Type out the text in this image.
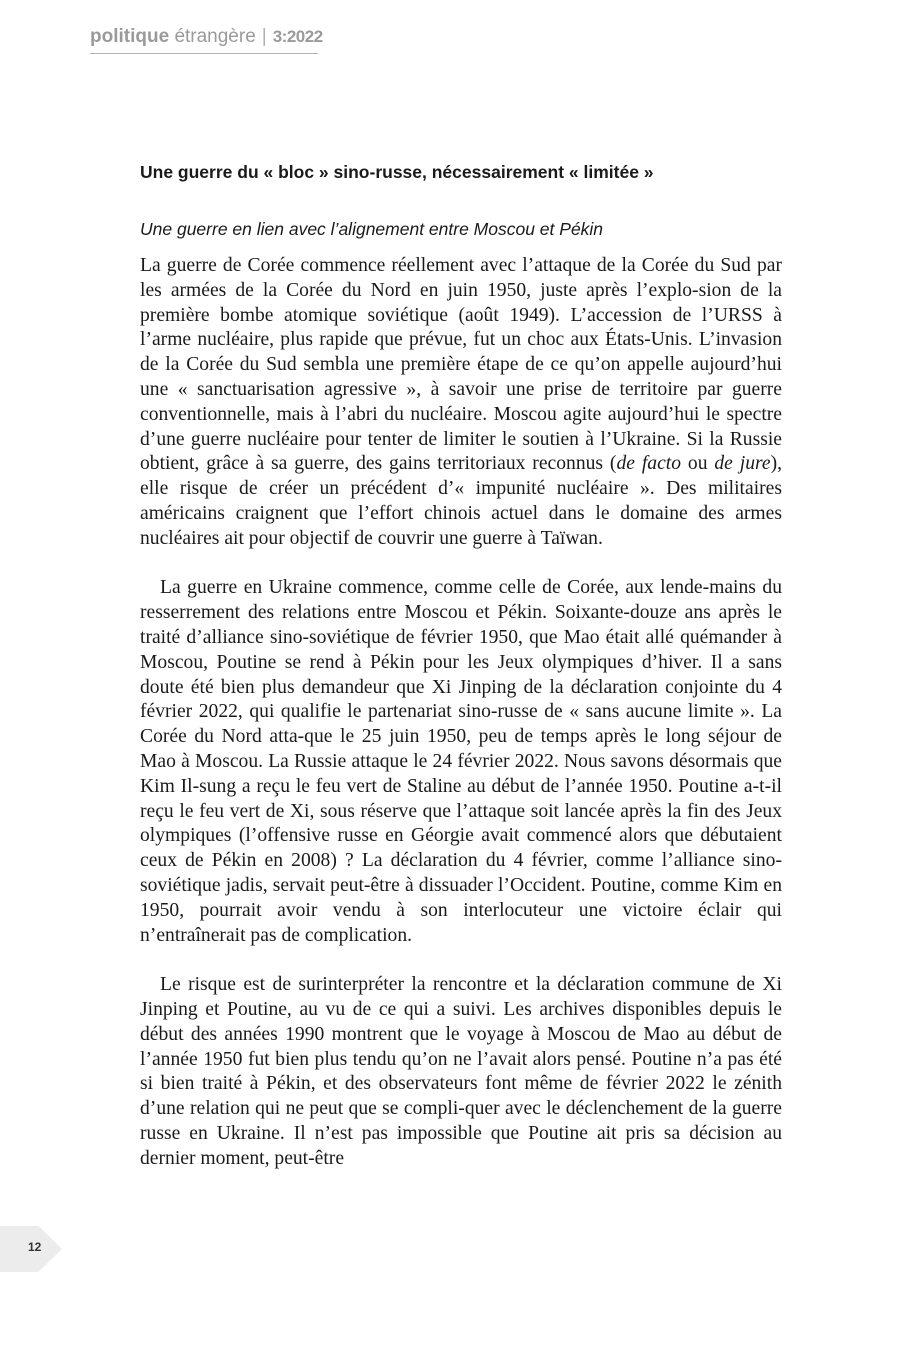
politique étrangère | 3:2022
Une guerre du « bloc » sino-russe, nécessairement « limitée »
Une guerre en lien avec l’alignement entre Moscou et Pékin

La guerre de Corée commence réellement avec l’attaque de la Corée du Sud par les armées de la Corée du Nord en juin 1950, juste après l’explo-sion de la première bombe atomique soviétique (août 1949). L’accession de l’URSS à l’arme nucléaire, plus rapide que prévue, fut un choc aux États-Unis. L’invasion de la Corée du Sud sembla une première étape de ce qu’on appelle aujourd’hui une « sanctuarisation agressive », à savoir une prise de territoire par guerre conventionnelle, mais à l’abri du nucléaire. Moscou agite aujourd’hui le spectre d’une guerre nucléaire pour tenter de limiter le soutien à l’Ukraine. Si la Russie obtient, grâce à sa guerre, des gains territoriaux reconnus (de facto ou de jure), elle risque de créer un précédent d’« impunité nucléaire ». Des militaires américains craignent que l’effort chinois actuel dans le domaine des armes nucléaires ait pour objectif de couvrir une guerre à Taïwan.

La guerre en Ukraine commence, comme celle de Corée, aux lende-mains du resserrement des relations entre Moscou et Pékin. Soixante-douze ans après le traité d’alliance sino-soviétique de février 1950, que Mao était allé quémander à Moscou, Poutine se rend à Pékin pour les Jeux olympiques d’hiver. Il a sans doute été bien plus demandeur que Xi Jinping de la déclaration conjointe du 4 février 2022, qui qualifie le partenariat sino-russe de « sans aucune limite ». La Corée du Nord atta-que le 25 juin 1950, peu de temps après le long séjour de Mao à Moscou. La Russie attaque le 24 février 2022. Nous savons désormais que Kim Il-sung a reçu le feu vert de Staline au début de l’année 1950. Poutine a-t-il reçu le feu vert de Xi, sous réserve que l’attaque soit lancée après la fin des Jeux olympiques (l’offensive russe en Géorgie avait commencé alors que débutaient ceux de Pékin en 2008) ? La déclaration du 4 février, comme l’alliance sino-soviétique jadis, servait peut-être à dissuader l’Occident. Poutine, comme Kim en 1950, pourrait avoir vendu à son interlocuteur une victoire éclair qui n’entraînerait pas de complication.

Le risque est de surinterpréter la rencontre et la déclaration commune de Xi Jinping et Poutine, au vu de ce qui a suivi. Les archives disponibles depuis le début des années 1990 montrent que le voyage à Moscou de Mao au début de l’année 1950 fut bien plus tendu qu’on ne l’avait alors pensé. Poutine n’a pas été si bien traité à Pékin, et des observateurs font même de février 2022 le zénith d’une relation qui ne peut que se compli-quer avec le déclenchement de la guerre russe en Ukraine. Il n’est pas impossible que Poutine ait pris sa décision au dernier moment, peut-être

12
